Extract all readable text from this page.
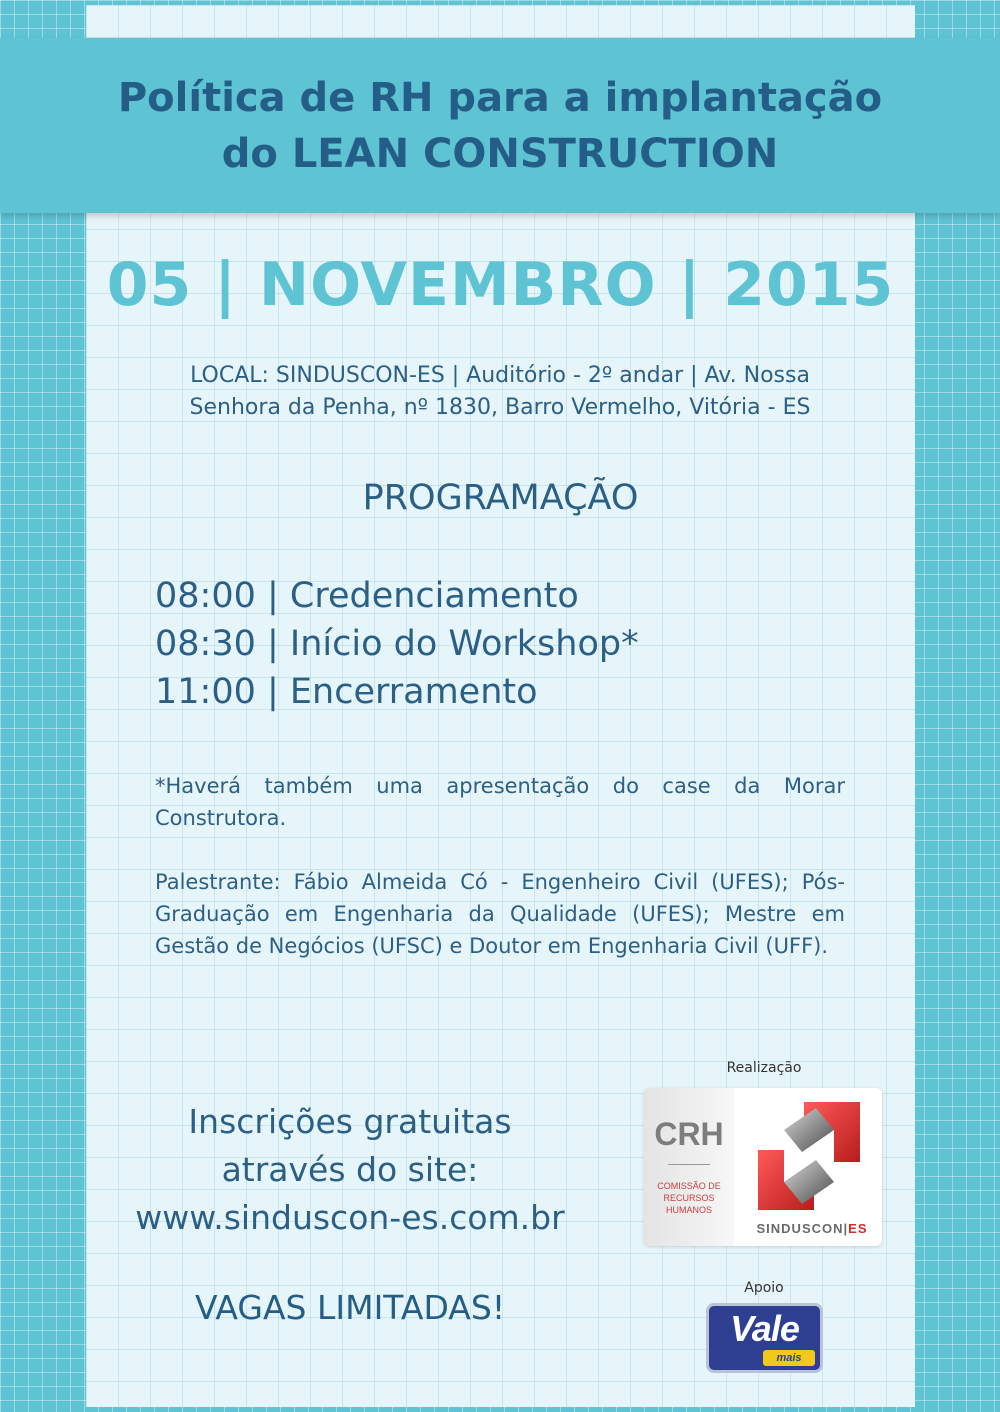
Política de RH para a implantação
do LEAN CONSTRUCTION
05 | NOVEMBRO | 2015
LOCAL: SINDUSCON-ES | Auditório - 2º andar | Av. Nossa
Senhora da Penha, nº 1830, Barro Vermelho, Vitória - ES
PROGRAMAÇÃO
08:00 | Credenciamento
08:30 | Início do Workshop*
11:00 | Encerramento
*Haverá também uma apresentação do case da Morar Construtora.
Palestrante: Fábio Almeida Có - Engenheiro Civil (UFES); Pós-Graduação em Engenharia da Qualidade (UFES); Mestre em Gestão de Negócios (UFSC) e Doutor em Engenharia Civil (UFF).
Inscrições gratuitas
através do site:
www.sinduscon-es.com.br
VAGAS LIMITADAS!
Realização
CRH
COMISSÃO DE
RECURSOS
HUMANOS
SINDUSCON|ES
Apoio
Vale
mais
